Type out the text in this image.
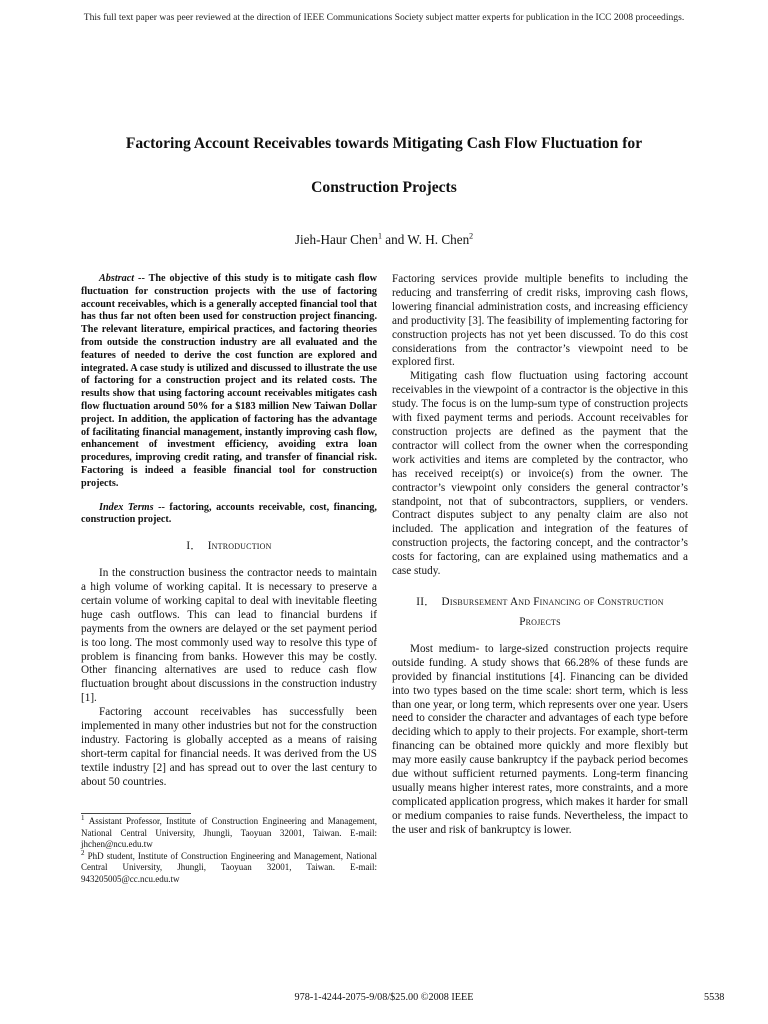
This full text paper was peer reviewed at the direction of IEEE Communications Society subject matter experts for publication in the ICC 2008 proceedings.
Factoring Account Receivables towards Mitigating Cash Flow Fluctuation for
Construction Projects
Jieh-Haur Chen$^1$ and W. H. Chen$^2$

Abstract -- The objective of this study is to mitigate cash flow fluctuation for construction projects with the use of factoring account receivables, which is a generally accepted financial tool that has thus far not often been used for construction project financing. The relevant literature, empirical practices, and factoring theories from outside the construction industry are all evaluated and the features of needed to derive the cost function are explored and integrated. A case study is utilized and discussed to illustrate the use of factoring for a construction project and its related costs. The results show that using factoring account receivables mitigates cash flow fluctuation around 50% for a $183 million New Taiwan Dollar project. In addition, the application of factoring has the advantage of facilitating financial management, instantly improving cash flow, enhancement of investment efficiency, avoiding extra loan procedures, improving credit rating, and transfer of financial risk. Factoring is indeed a feasible financial tool for construction projects.

Index Terms -- factoring, accounts receivable, cost, financing, construction project.

I． Introduction

In the construction business the contractor needs to maintain a high volume of working capital. It is necessary to preserve a certain volume of working capital to deal with inevitable fleeting huge cash outflows. This can lead to financial burdens if payments from the owners are delayed or the set payment period is too long. The most commonly used way to resolve this type of problem is financing from banks. However this may be costly. Other financing alternatives are used to reduce cash flow fluctuation brought about discussions in the construction industry [1].

Factoring account receivables has successfully been implemented in many other industries but not for the construction industry. Factoring is globally accepted as a means of raising short-term capital for financial needs. It was derived from the US textile industry [2] and has spread out to over the last century to about 50 countries.

$^1$ Assistant Professor, Institute of Construction Engineering and Management, National Central University, Jhungli, Taoyuan 32001, Taiwan. E-mail: jhchen@ncu.edu.tw

$^2$ PhD student, Institute of Construction Engineering and Management, National Central University, Jhungli, Taoyuan 32001, Taiwan. E-mail: 943205005@cc.ncu.edu.tw

Factoring services provide multiple benefits to including the reducing and transferring of credit risks, improving cash flows, lowering financial administration costs, and increasing efficiency and productivity [3]. The feasibility of implementing factoring for construction projects has not yet been discussed. To do this cost considerations from the contractor’s viewpoint need to be explored first.

Mitigating cash flow fluctuation using factoring account receivables in the viewpoint of a contractor is the objective in this study. The focus is on the lump-sum type of construction projects with fixed payment terms and periods. Account receivables for construction projects are defined as the payment that the contractor will collect from the owner when the corresponding work activities and items are completed by the contractor, who has received receipt(s) or invoice(s) from the owner. The contractor’s viewpoint only considers the general contractor’s standpoint, not that of subcontractors, suppliers, or venders. Contract disputes subject to any penalty claim are also not included. The application and integration of the features of construction projects, the factoring concept, and the contractor’s costs for factoring, can are explained using mathematics and a case study.

II． Disbursement And Financing of Construction
Projects

Most medium- to large-sized construction projects require outside funding. A study shows that 66.28% of these funds are provided by financial institutions [4]. Financing can be divided into two types based on the time scale: short term, which is less than one year, or long term, which represents over one year. Users need to consider the character and advantages of each type before deciding which to apply to their projects. For example, short-term financing can be obtained more quickly and more flexibly but may more easily cause bankruptcy if the payback period becomes due without sufficient returned payments. Long-term financing usually means higher interest rates, more constraints, and a more complicated application progress, which makes it harder for small or medium companies to raise funds. Nevertheless, the impact to the user and risk of bankruptcy is lower.

978-1-4244-2075-9/08/$25.00 ©2008 IEEE	5538
